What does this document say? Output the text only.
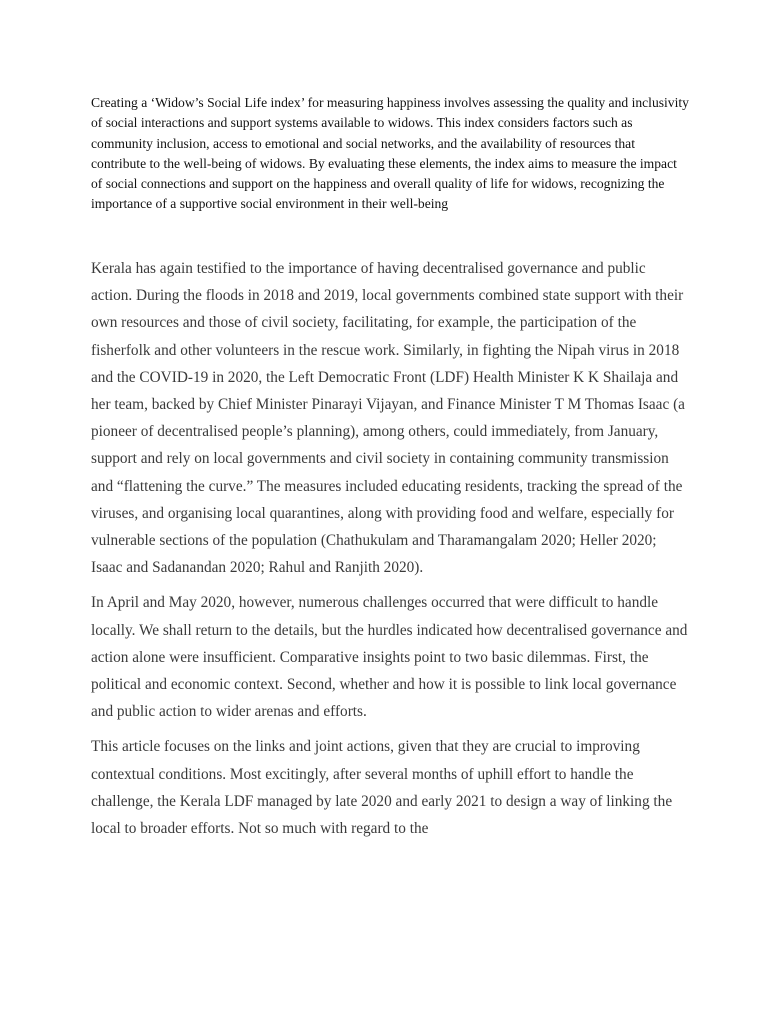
Creating a ‘Widow’s Social Life index’ for measuring happiness involves assessing the quality and inclusivity of social interactions and support systems available to widows. This index considers factors such as community inclusion, access to emotional and social networks, and the availability of resources that contribute to the well-being of widows. By evaluating these elements, the index aims to measure the impact of social connections and support on the happiness and overall quality of life for widows, recognizing the importance of a supportive social environment in their well-being

Kerala has again testified to the importance of having decentralised governance and public action. During the floods in 2018 and 2019, local governments combined state support with their own resources and those of civil society, facilitating, for example, the participation of the fisherfolk and other volunteers in the rescue work. Similarly, in fighting the Nipah virus in 2018 and the COVID-19 in 2020, the Left Democratic Front (LDF) Health Minister K K Shailaja and her team, backed by Chief Minister Pinarayi Vijayan, and Finance Minister T M Thomas Isaac (a pioneer of decentralised people’s planning), among others, could immediately, from January, support and rely on local governments and civil society in containing community transmission and “flattening the curve.” The measures included educating residents, tracking the spread of the viruses, and organising local quarantines, along with providing food and welfare, especially for vulnerable sections of the population (Chathukulam and Tharamangalam 2020; Heller 2020; Isaac and Sadanandan 2020; Rahul and Ranjith 2020).

In April and May 2020, however, numerous challenges occurred that were difficult to handle locally. We shall return to the details, but the hurdles indicated how decentralised governance and action alone were insufficient. Comparative insights point to two basic dilemmas. First, the political and economic context. Second, whether and how it is possible to link local governance and public action to wider arenas and efforts.

This article focuses on the links and joint actions, given that they are crucial to improving contextual conditions. Most excitingly, after several months of uphill effort to handle the challenge, the Kerala LDF managed by late 2020 and early 2021 to design a way of linking the local to broader efforts. Not so much with regard to the
